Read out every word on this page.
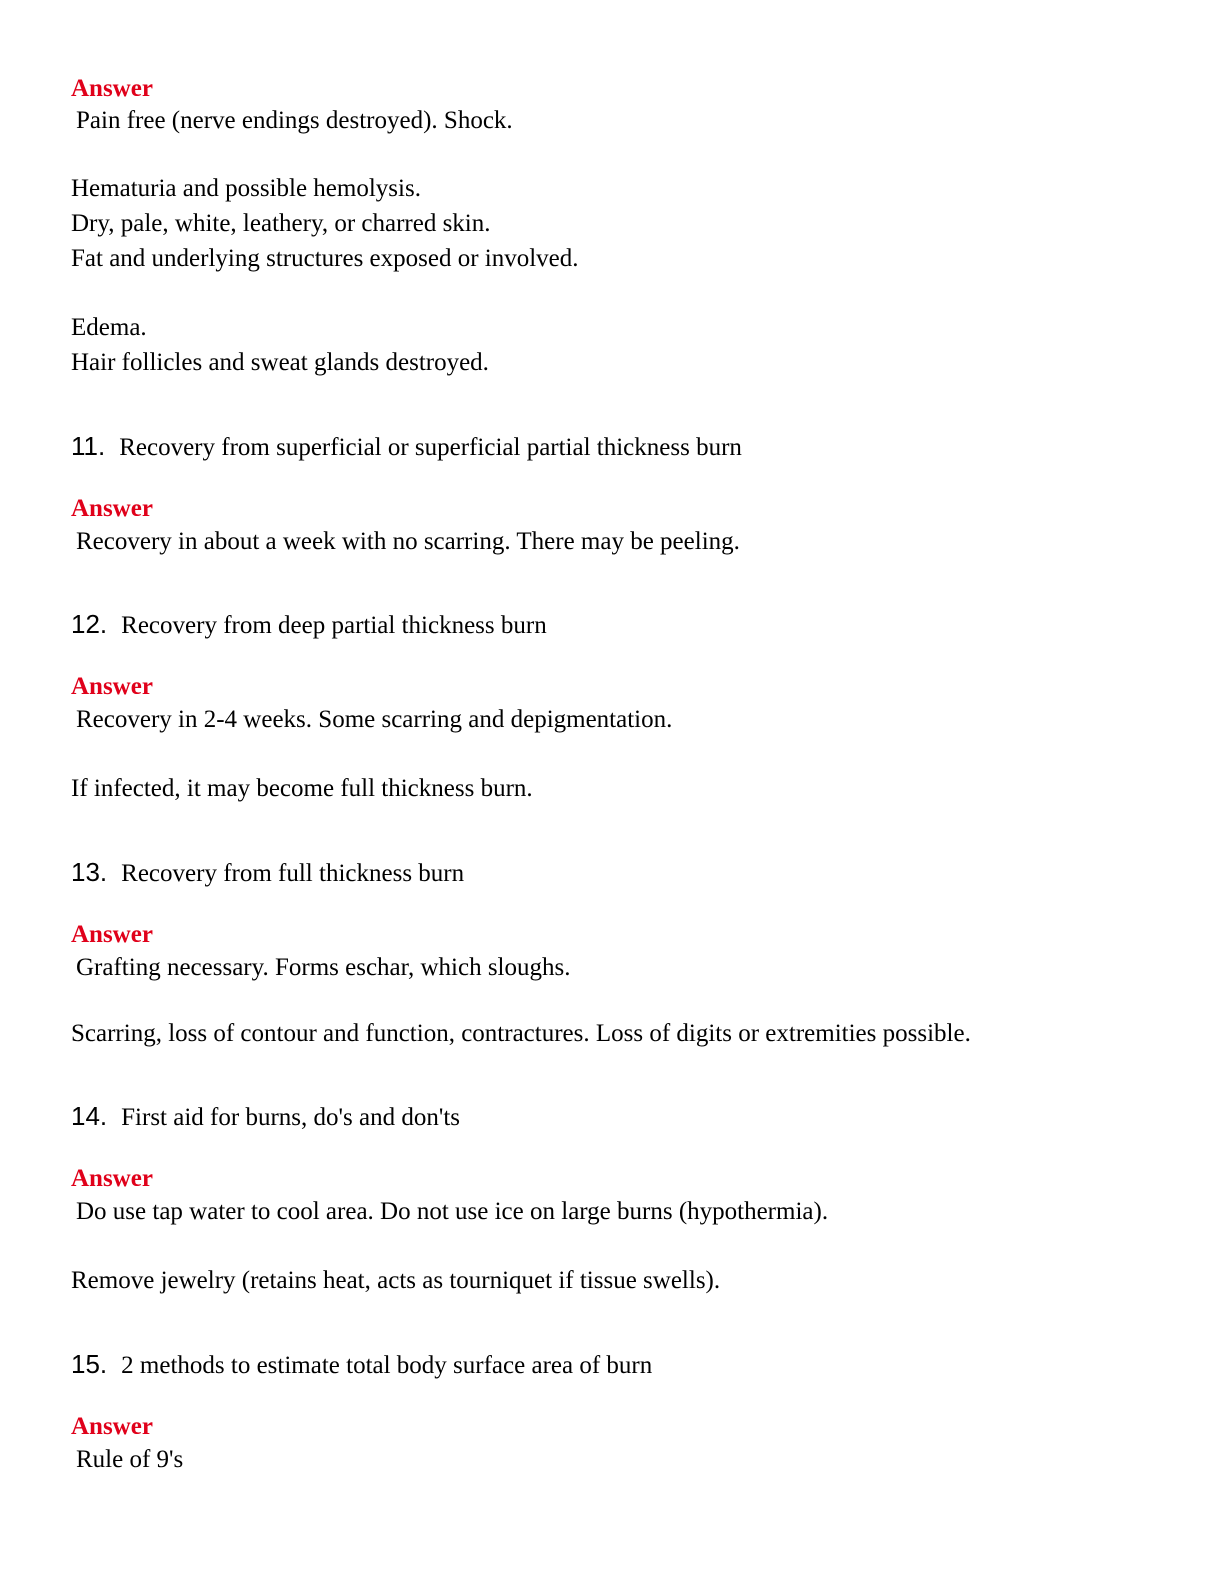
Answer
Pain free (nerve endings destroyed). Shock.
Hematuria and possible hemolysis.
Dry, pale, white, leathery, or charred skin.
Fat and underlying structures exposed or involved.
Edema.
Hair follicles and sweat glands destroyed.
11. Recovery from superficial or superficial partial thickness burn
Answer
Recovery in about a week with no scarring. There may be peeling.
12. Recovery from deep partial thickness burn
Answer
Recovery in 2-4 weeks. Some scarring and depigmentation.
If infected, it may become full thickness burn.
13. Recovery from full thickness burn
Answer
Grafting necessary. Forms eschar, which sloughs.
Scarring, loss of contour and function, contractures. Loss of digits or extremities possible.
14. First aid for burns, do's and don'ts
Answer
Do use tap water to cool area. Do not use ice on large burns (hypothermia).
Remove jewelry (retains heat, acts as tourniquet if tissue swells).
15. 2 methods to estimate total body surface area of burn
Answer
Rule of 9's
